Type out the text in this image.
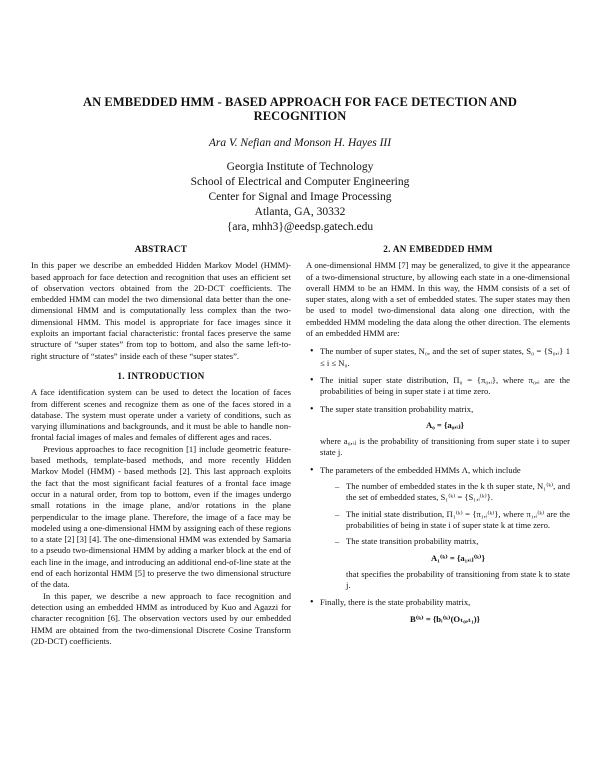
AN EMBEDDED HMM - BASED APPROACH FOR FACE DETECTION AND RECOGNITION
Ara V. Nefian and Monson H. Hayes III
Georgia Institute of Technology
School of Electrical and Computer Engineering
Center for Signal and Image Processing
Atlanta, GA, 30332
{ara, mhh3}@eedsp.gatech.edu
ABSTRACT

In this paper we describe an embedded Hidden Markov Model (HMM)-based approach for face detection and recognition that uses an efficient set of observation vectors obtained from the 2D-DCT coefficients. The embedded HMM can model the two dimensional data better than the one-dimensional HMM and is computationally less complex than the two-dimensional HMM. This model is appropriate for face images since it exploits an important facial characteristic: frontal faces preserve the same structure of “super states” from top to bottom, and also the same left-to-right structure of “states” inside each of these “super states”.

1. INTRODUCTION

A face identification system can be used to detect the location of faces from different scenes and recognize them as one of the faces stored in a database. The system must operate under a variety of conditions, such as varying illuminations and backgrounds, and it must be able to handle non-frontal facial images of males and females of different ages and races.

Previous approaches to face recognition [1] include geometric feature-based methods, template-based methods, and more recently Hidden Markov Model (HMM) - based methods [2]. This last approach exploits the fact that the most significant facial features of a frontal face image occur in a natural order, from top to bottom, even if the images undergo small rotations in the image plane, and/or rotations in the plane perpendicular to the image plane. Therefore, the image of a face may be modeled using a one-dimensional HMM by assigning each of these regions to a state [2] [3] [4]. The one-dimensional HMM was extended by Samaria to a pseudo two-dimensional HMM by adding a marker block at the end of each line in the image, and introducing an additional end-of-line state at the end of each horizontal HMM [5] to preserve the two dimensional structure of the data.

In this paper, we describe a new approach to face recognition and detection using an embedded HMM as introduced by Kuo and Agazzi for character recognition [6]. The observation vectors used by our embedded HMM are obtained from the two-dimensional Discrete Cosine Transform (2D-DCT) coefficients.

2. AN EMBEDDED HMM

A one-dimensional HMM [7] may be generalized, to give it the appearance of a two-dimensional structure, by allowing each state in a one-dimensional overall HMM to be an HMM. In this way, the HMM consists of a set of super states, along with a set of embedded states. The super states may then be used to model two-dimensional data along one direction, with the embedded HMM modeling the data along the other direction. The elements of an embedded HMM are:

• The number of super states, N₀, and the set of super states, S₀ = {S₀,ᵢ} 1 ≤ i ≤ N₀.
• The initial super state distribution, Π₀ = {π₀,ᵢ}, where π₀,ᵢ are the probabilities of being in super state i at time zero.
• The super state transition probability matrix,
A₀ = {a₀,ᵢⱼ}
where a₀,ᵢⱼ is the probability of transitioning from super state i to super state j.
• The parameters of the embedded HMMs Λ, which include
– The number of embedded states in the k th super state, N₁⁽ᵏ⁾, and the set of embedded states, S₁⁽ᵏ⁾ = {S₁,ᵢ⁽ᵏ⁾}.
– The initial state distribution, Π₁⁽ᵏ⁾ = {π₁,ᵢ⁽ᵏ⁾}, where π₁,ᵢ⁽ᵏ⁾ are the probabilities of being in state i of super state k at time zero.
– The state transition probability matrix,
A₁⁽ᵏ⁾ = {a₁,ᵢⱼ⁽ᵏ⁾}
that specifies the probability of transitioning from state k to state j.
• Finally, there is the state probability matrix,
B⁽ᵏ⁾ = {bᵢ⁽ᵏ⁾(Oₜ₀,ₜ₁)}
